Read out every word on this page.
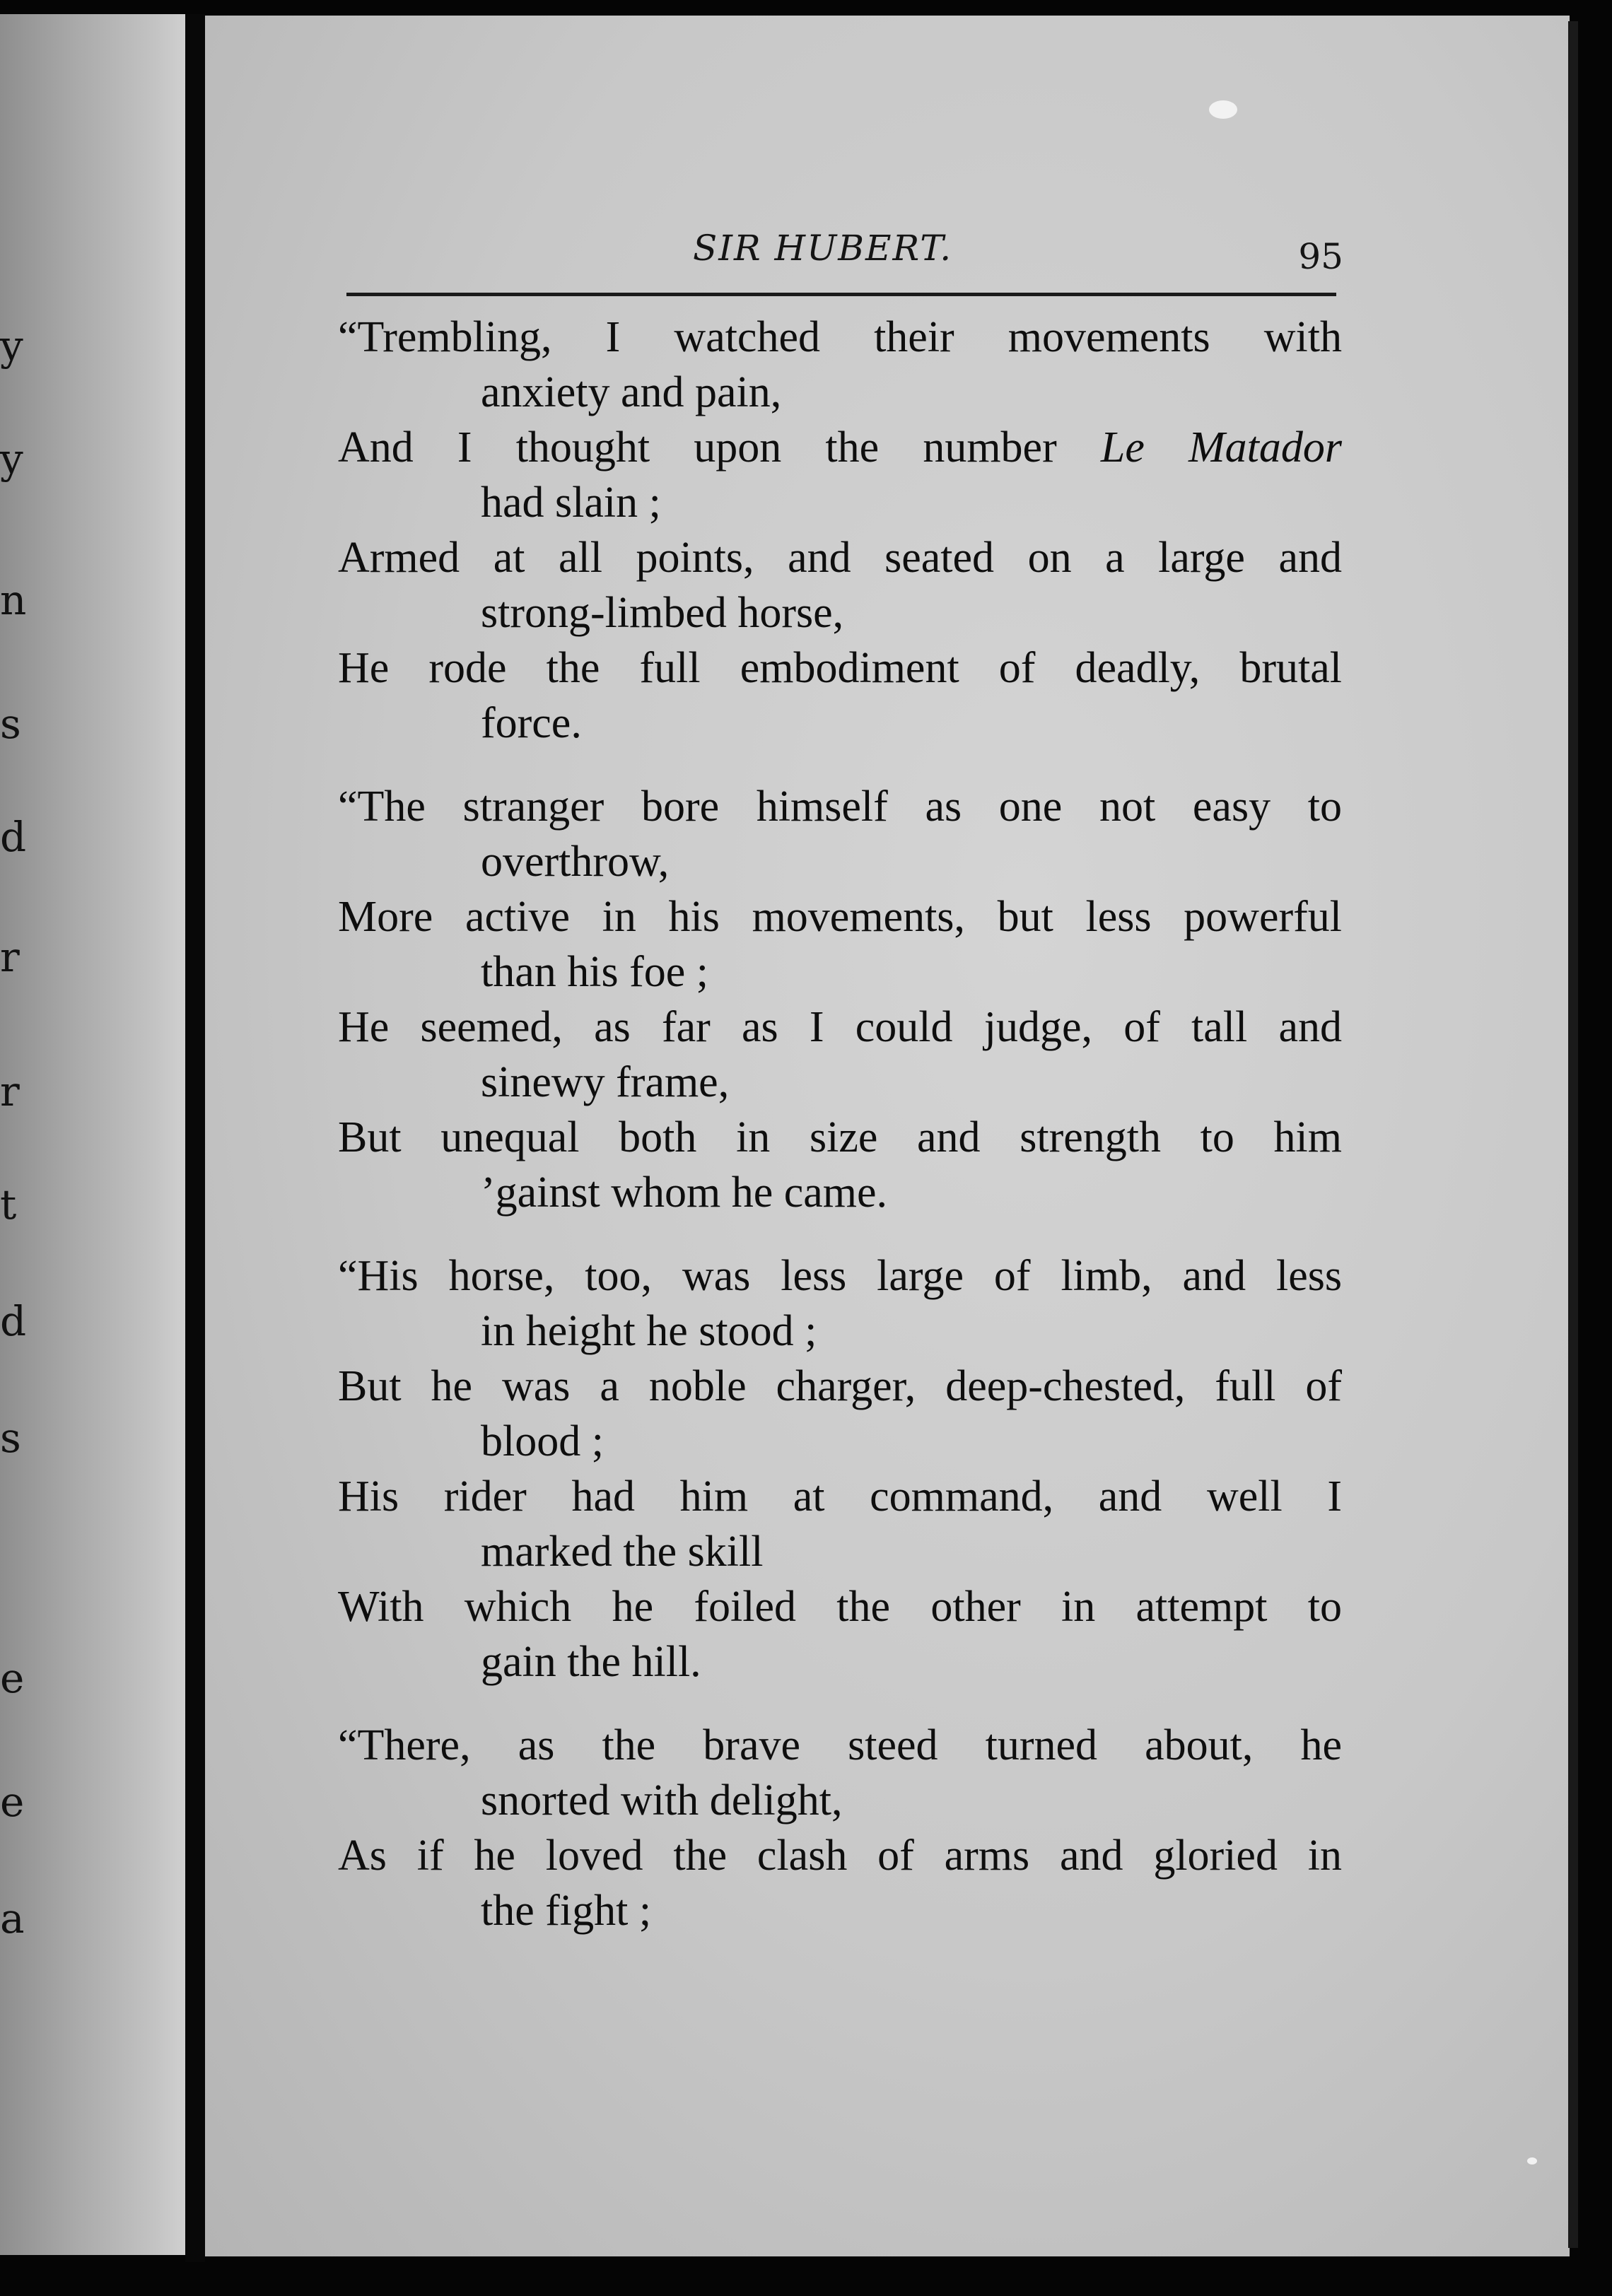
y
y
n
s
d
r
r
t
d
s
e
e
a
SIR HUBERT.	95
“Trembling, I watched their movements with
anxiety and pain,
And I thought upon the number Le Matador
had slain ;
Armed at all points, and seated on a large and
strong-limbed horse,
He rode the full embodiment of deadly, brutal
force.
“The stranger bore himself as one not easy to
overthrow,
More active in his movements, but less powerful
than his foe ;
He seemed, as far as I could judge, of tall and
sinewy frame,
But unequal both in size and strength to him
’gainst whom he came.
“His horse, too, was less large of limb, and less
in height he stood ;
But he was a noble charger, deep-chested, full of
blood ;
His rider had him at command, and well I
marked the skill
With which he foiled the other in attempt to
gain the hill.
“There, as the brave steed turned about, he
snorted with delight,
As if he loved the clash of arms and gloried in
the fight ;
